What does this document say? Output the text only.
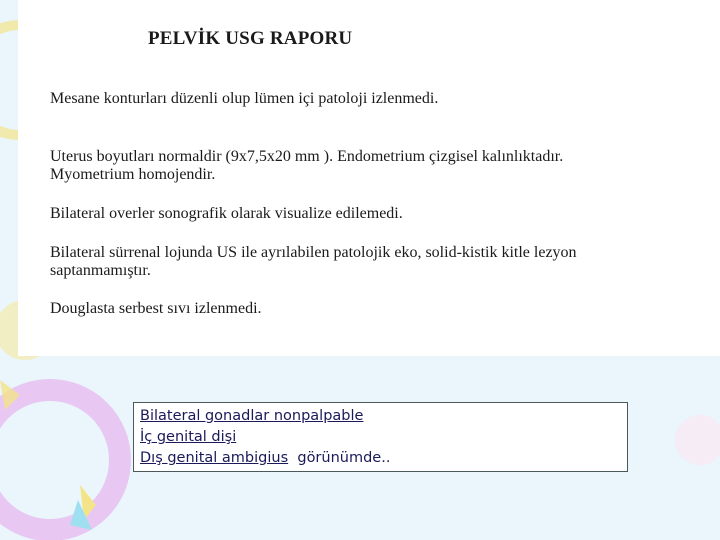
PELVİK USG RAPORU
Mesane konturları düzenli olup lümen içi patoloji izlenmedi.
Uterus boyutları normaldir (9x7,5x20 mm ). Endometrium çizgisel kalınlıktadır.
Myometrium homojendir.
Bilateral overler sonografik olarak visualize edilemedi.
Bilateral sürrenal lojunda US ile ayrılabilen patolojik eko, solid-kistik kitle lezyon
saptanmamıştır.
Douglasta serbest sıvı izlenmedi.
Bilateral gonadlar nonpalpable
İç genital dişi
Dış genital ambigius  görünümde..
